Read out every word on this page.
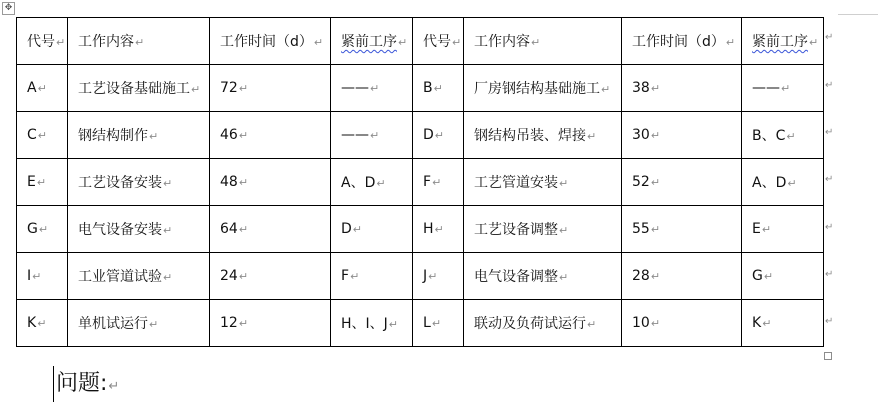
✥
代号↵	工作内容↵	工作时间（d）↵	紧前工序↵	代号↵	工作内容↵	工作时间（d）↵	紧前工序↵
A↵	工艺设备基础施工↵	72↵	——↵	B↵	厂房钢结构基础施工↵	38↵	——↵
C↵	钢结构制作↵	46↵	——↵	D↵	钢结构吊装、焊接↵	30↵	B、C↵
E↵	工艺设备安装↵	48↵	A、D↵	F↵	工艺管道安装↵	52↵	A、D↵
G↵	电气设备安装↵	64↵	D↵	H↵	工艺设备调整↵	55↵	E↵
I↵	工业管道试验↵	24↵	F↵	J↵	电气设备调整↵	28↵	G↵
K↵	单机试运行↵	12↵	H、I、J↵	L↵	联动及负荷试运行↵	10↵	K↵
↵
↵
↵
↵
↵
↵
↵
问题:↵
